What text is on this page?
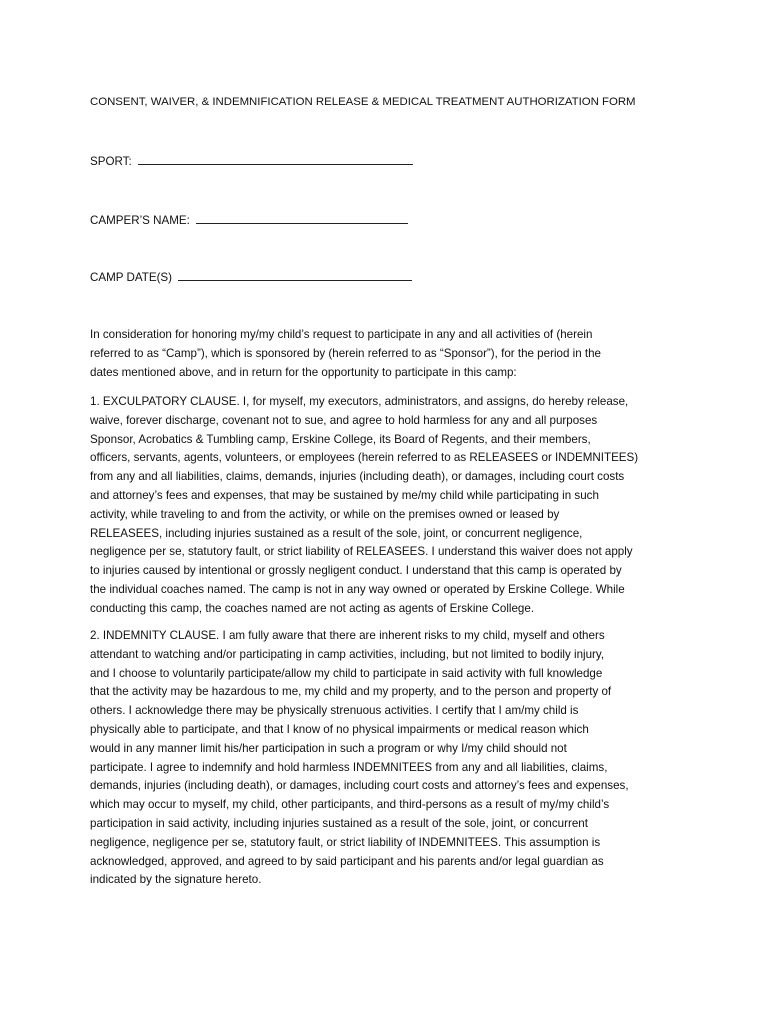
CONSENT, WAIVER, & INDEMNIFICATION RELEASE & MEDICAL TREATMENT AUTHORIZATION FORM
SPORT:
CAMPER’S NAME:
CAMP DATE(S)
In consideration for honoring my/my child’s request to participate in any and all activities of (herein
referred to as “Camp”), which is sponsored by (herein referred to as “Sponsor”), for the period in the
dates mentioned above, and in return for the opportunity to participate in this camp:
1. EXCULPATORY CLAUSE. I, for myself, my executors, administrators, and assigns, do hereby release,
waive, forever discharge, covenant not to sue, and agree to hold harmless for any and all purposes
Sponsor, Acrobatics & Tumbling camp, Erskine College, its Board of Regents, and their members,
officers, servants, agents, volunteers, or employees (herein referred to as RELEASEES or INDEMNITEES)
from any and all liabilities, claims, demands, injuries (including death), or damages, including court costs
and attorney’s fees and expenses, that may be sustained by me/my child while participating in such
activity, while traveling to and from the activity, or while on the premises owned or leased by
RELEASEES, including injuries sustained as a result of the sole, joint, or concurrent negligence,
negligence per se, statutory fault, or strict liability of RELEASEES. I understand this waiver does not apply
to injuries caused by intentional or grossly negligent conduct. I understand that this camp is operated by
the individual coaches named. The camp is not in any way owned or operated by Erskine College. While
conducting this camp, the coaches named are not acting as agents of Erskine College.
2. INDEMNITY CLAUSE. I am fully aware that there are inherent risks to my child, myself and others
attendant to watching and/or participating in camp activities, including, but not limited to bodily injury,
and I choose to voluntarily participate/allow my child to participate in said activity with full knowledge
that the activity may be hazardous to me, my child and my property, and to the person and property of
others. I acknowledge there may be physically strenuous activities. I certify that I am/my child is
physically able to participate, and that I know of no physical impairments or medical reason which
would in any manner limit his/her participation in such a program or why I/my child should not
participate. I agree to indemnify and hold harmless INDEMNITEES from any and all liabilities, claims,
demands, injuries (including death), or damages, including court costs and attorney’s fees and expenses,
which may occur to myself, my child, other participants, and third-persons as a result of my/my child’s
participation in said activity, including injuries sustained as a result of the sole, joint, or concurrent
negligence, negligence per se, statutory fault, or strict liability of INDEMNITEES. This assumption is
acknowledged, approved, and agreed to by said participant and his parents and/or legal guardian as
indicated by the signature hereto.
